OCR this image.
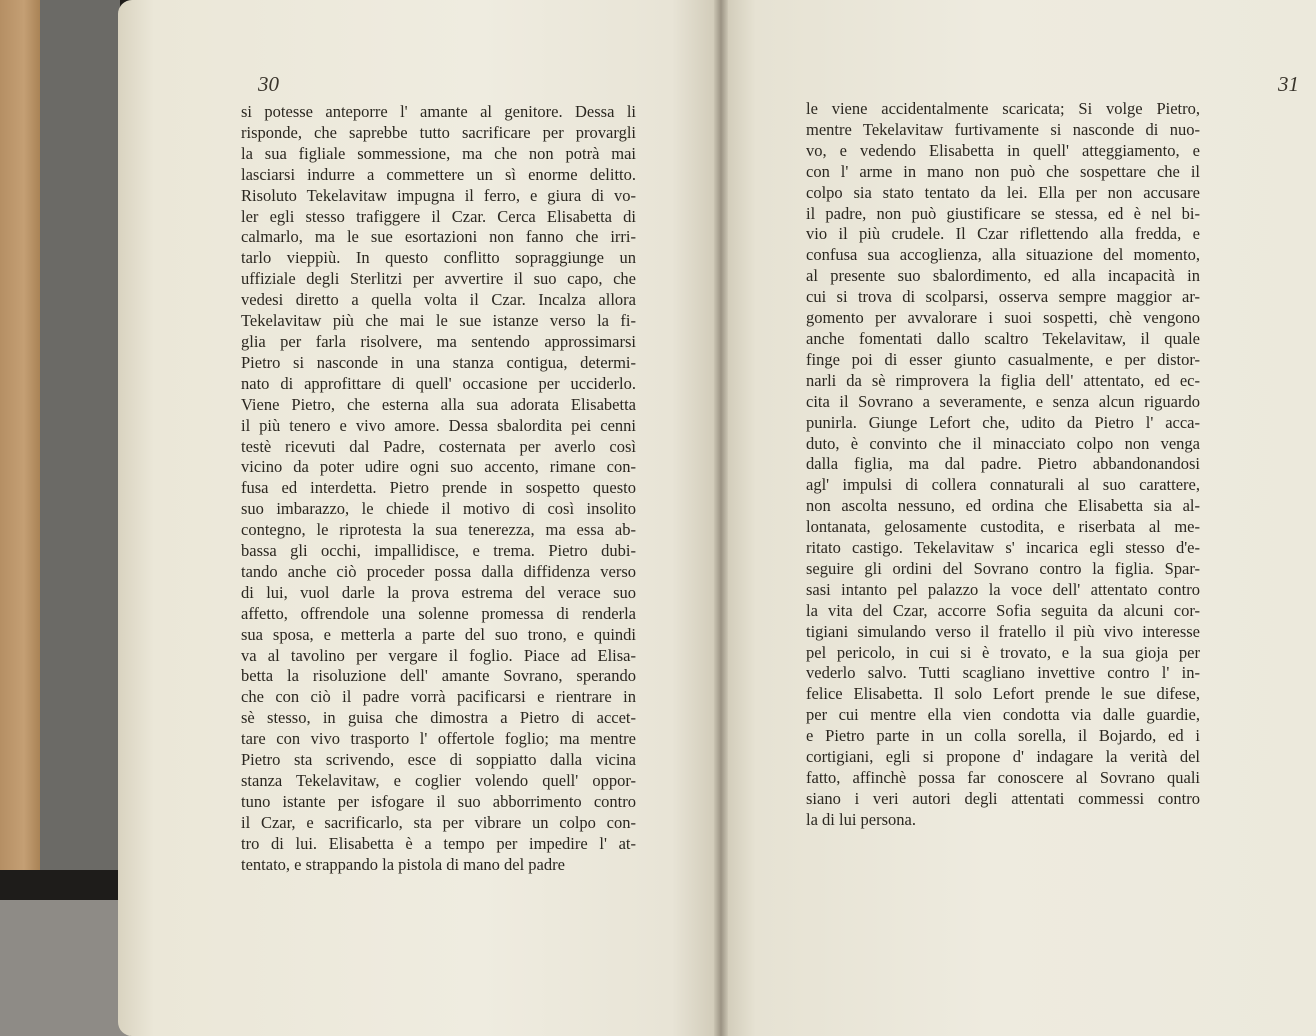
30
si potesse anteporre l' amante al genitore. Dessa li
risponde, che saprebbe tutto sacrificare per provargli
la sua figliale sommessione, ma che non potrà mai
lasciarsi indurre a commettere un sì enorme delitto.
Risoluto Tekelavitaw impugna il ferro, e giura di vo-
ler egli stesso trafiggere il Czar. Cerca Elisabetta di
calmarlo, ma le sue esortazioni non fanno che irri-
tarlo vieppiù. In questo conflitto sopraggiunge un
uffiziale degli Sterlitzi per avvertire il suo capo, che
vedesi diretto a quella volta il Czar. Incalza allora
Tekelavitaw più che mai le sue istanze verso la fi-
glia per farla risolvere, ma sentendo approssimarsi
Pietro si nasconde in una stanza contigua, determi-
nato di approfittare di quell' occasione per ucciderlo.
Viene Pietro, che esterna alla sua adorata Elisabetta
il più tenero e vivo amore. Dessa sbalordita pei cenni
testè ricevuti dal Padre, costernata per averlo così
vicino da poter udire ogni suo accento, rimane con-
fusa ed interdetta. Pietro prende in sospetto questo
suo imbarazzo, le chiede il motivo di così insolito
contegno, le riprotesta la sua tenerezza, ma essa ab-
bassa gli occhi, impallidisce, e trema. Pietro dubi-
tando anche ciò proceder possa dalla diffidenza verso
di lui, vuol darle la prova estrema del verace suo
affetto, offrendole una solenne promessa di renderla
sua sposa, e metterla a parte del suo trono, e quindi
va al tavolino per vergare il foglio. Piace ad Elisa-
betta la risoluzione dell' amante Sovrano, sperando
che con ciò il padre vorrà pacificarsi e rientrare in
sè stesso, in guisa che dimostra a Pietro di accet-
tare con vivo trasporto l' offertole foglio; ma mentre
Pietro sta scrivendo, esce di soppiatto dalla vicina
stanza Tekelavitaw, e coglier volendo quell' oppor-
tuno istante per isfogare il suo abborrimento contro
il Czar, e sacrificarlo, sta per vibrare un colpo con-
tro di lui. Elisabetta è a tempo per impedire l' at-
tentato, e strappando la pistola di mano del padre
31
le viene accidentalmente scaricata; Si volge Pietro,
mentre Tekelavitaw furtivamente si nasconde di nuo-
vo, e vedendo Elisabetta in quell' atteggiamento, e
con l' arme in mano non può che sospettare che il
colpo sia stato tentato da lei. Ella per non accusare
il padre, non può giustificare se stessa, ed è nel bi-
vio il più crudele. Il Czar riflettendo alla fredda, e
confusa sua accoglienza, alla situazione del momento,
al presente suo sbalordimento, ed alla incapacità in
cui si trova di scolparsi, osserva sempre maggior ar-
gomento per avvalorare i suoi sospetti, chè vengono
anche fomentati dallo scaltro Tekelavitaw, il quale
finge poi di esser giunto casualmente, e per distor-
narli da sè rimprovera la figlia dell' attentato, ed ec-
cita il Sovrano a severamente, e senza alcun riguardo
punirla. Giunge Lefort che, udito da Pietro l' acca-
duto, è convinto che il minacciato colpo non venga
dalla figlia, ma dal padre. Pietro abbandonandosi
agl' impulsi di collera connaturali al suo carattere,
non ascolta nessuno, ed ordina che Elisabetta sia al-
lontanata, gelosamente custodita, e riserbata al me-
ritato castigo. Tekelavitaw s' incarica egli stesso d'e-
seguire gli ordini del Sovrano contro la figlia. Spar-
sasi intanto pel palazzo la voce dell' attentato contro
la vita del Czar, accorre Sofia seguita da alcuni cor-
tigiani simulando verso il fratello il più vivo interesse
pel pericolo, in cui si è trovato, e la sua gioja per
vederlo salvo. Tutti scagliano invettive contro l' in-
felice Elisabetta. Il solo Lefort prende le sue difese,
per cui mentre ella vien condotta via dalle guardie,
e Pietro parte in un colla sorella, il Bojardo, ed i
cortigiani, egli si propone d' indagare la verità del
fatto, affinchè possa far conoscere al Sovrano quali
siano i veri autori degli attentati commessi contro
la di lui persona.
